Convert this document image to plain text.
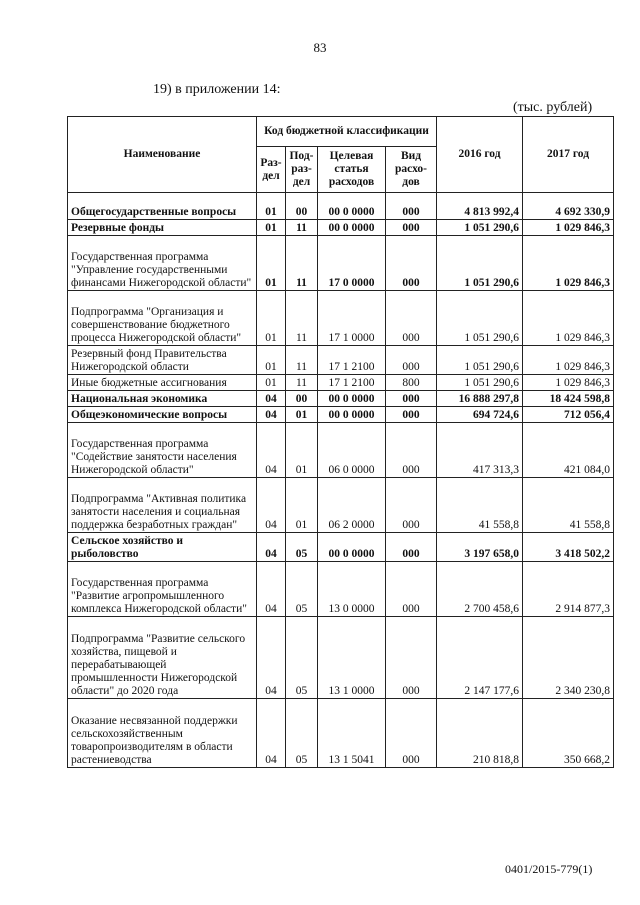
83
19) в приложении 14:
(тыс. рублей)
Наименование	Код бюджетной классификации				2016 год	2017 год
	Раз-дел	Под-раз-дел	Целевая статья расходов	Вид расхо-дов		
Общегосударственные вопросы	01	00	00 0 0000	000	4 813 992,4	4 692 330,9
Резервные фонды	01	11	00 0 0000	000	1 051 290,6	1 029 846,3
Государственная программа "Управление государственными финансами Нижегородской области"	01	11	17 0 0000	000	1 051 290,6	1 029 846,3
Подпрограмма "Организация и совершенствование бюджетного процесса Нижегородской области"	01	11	17 1 0000	000	1 051 290,6	1 029 846,3
Резервный фонд Правительства Нижегородской области	01	11	17 1 2100	000	1 051 290,6	1 029 846,3
Иные бюджетные ассигнования	01	11	17 1 2100	800	1 051 290,6	1 029 846,3
Национальная экономика	04	00	00 0 0000	000	16 888 297,8	18 424 598,8
Общеэкономические вопросы	04	01	00 0 0000	000	694 724,6	712 056,4
Государственная программа "Содействие занятости населения Нижегородской области"	04	01	06 0 0000	000	417 313,3	421 084,0
Подпрограмма "Активная политика занятости населения и социальная поддержка безработных граждан"	04	01	06 2 0000	000	41 558,8	41 558,8
Сельское хозяйство и рыболовство	04	05	00 0 0000	000	3 197 658,0	3 418 502,2
Государственная программа "Развитие агропромышленного комплекса Нижегородской области"	04	05	13 0 0000	000	2 700 458,6	2 914 877,3
Подпрограмма "Развитие сельского хозяйства, пищевой и перерабатывающей промышленности Нижегородской области" до 2020 года	04	05	13 1 0000	000	2 147 177,6	2 340 230,8
Оказание несвязанной поддержки сельскохозяйственным товаропроизводителям в области растениеводства	04	05	13 1 5041	000	210 818,8	350 668,2
0401/2015-779(1)
